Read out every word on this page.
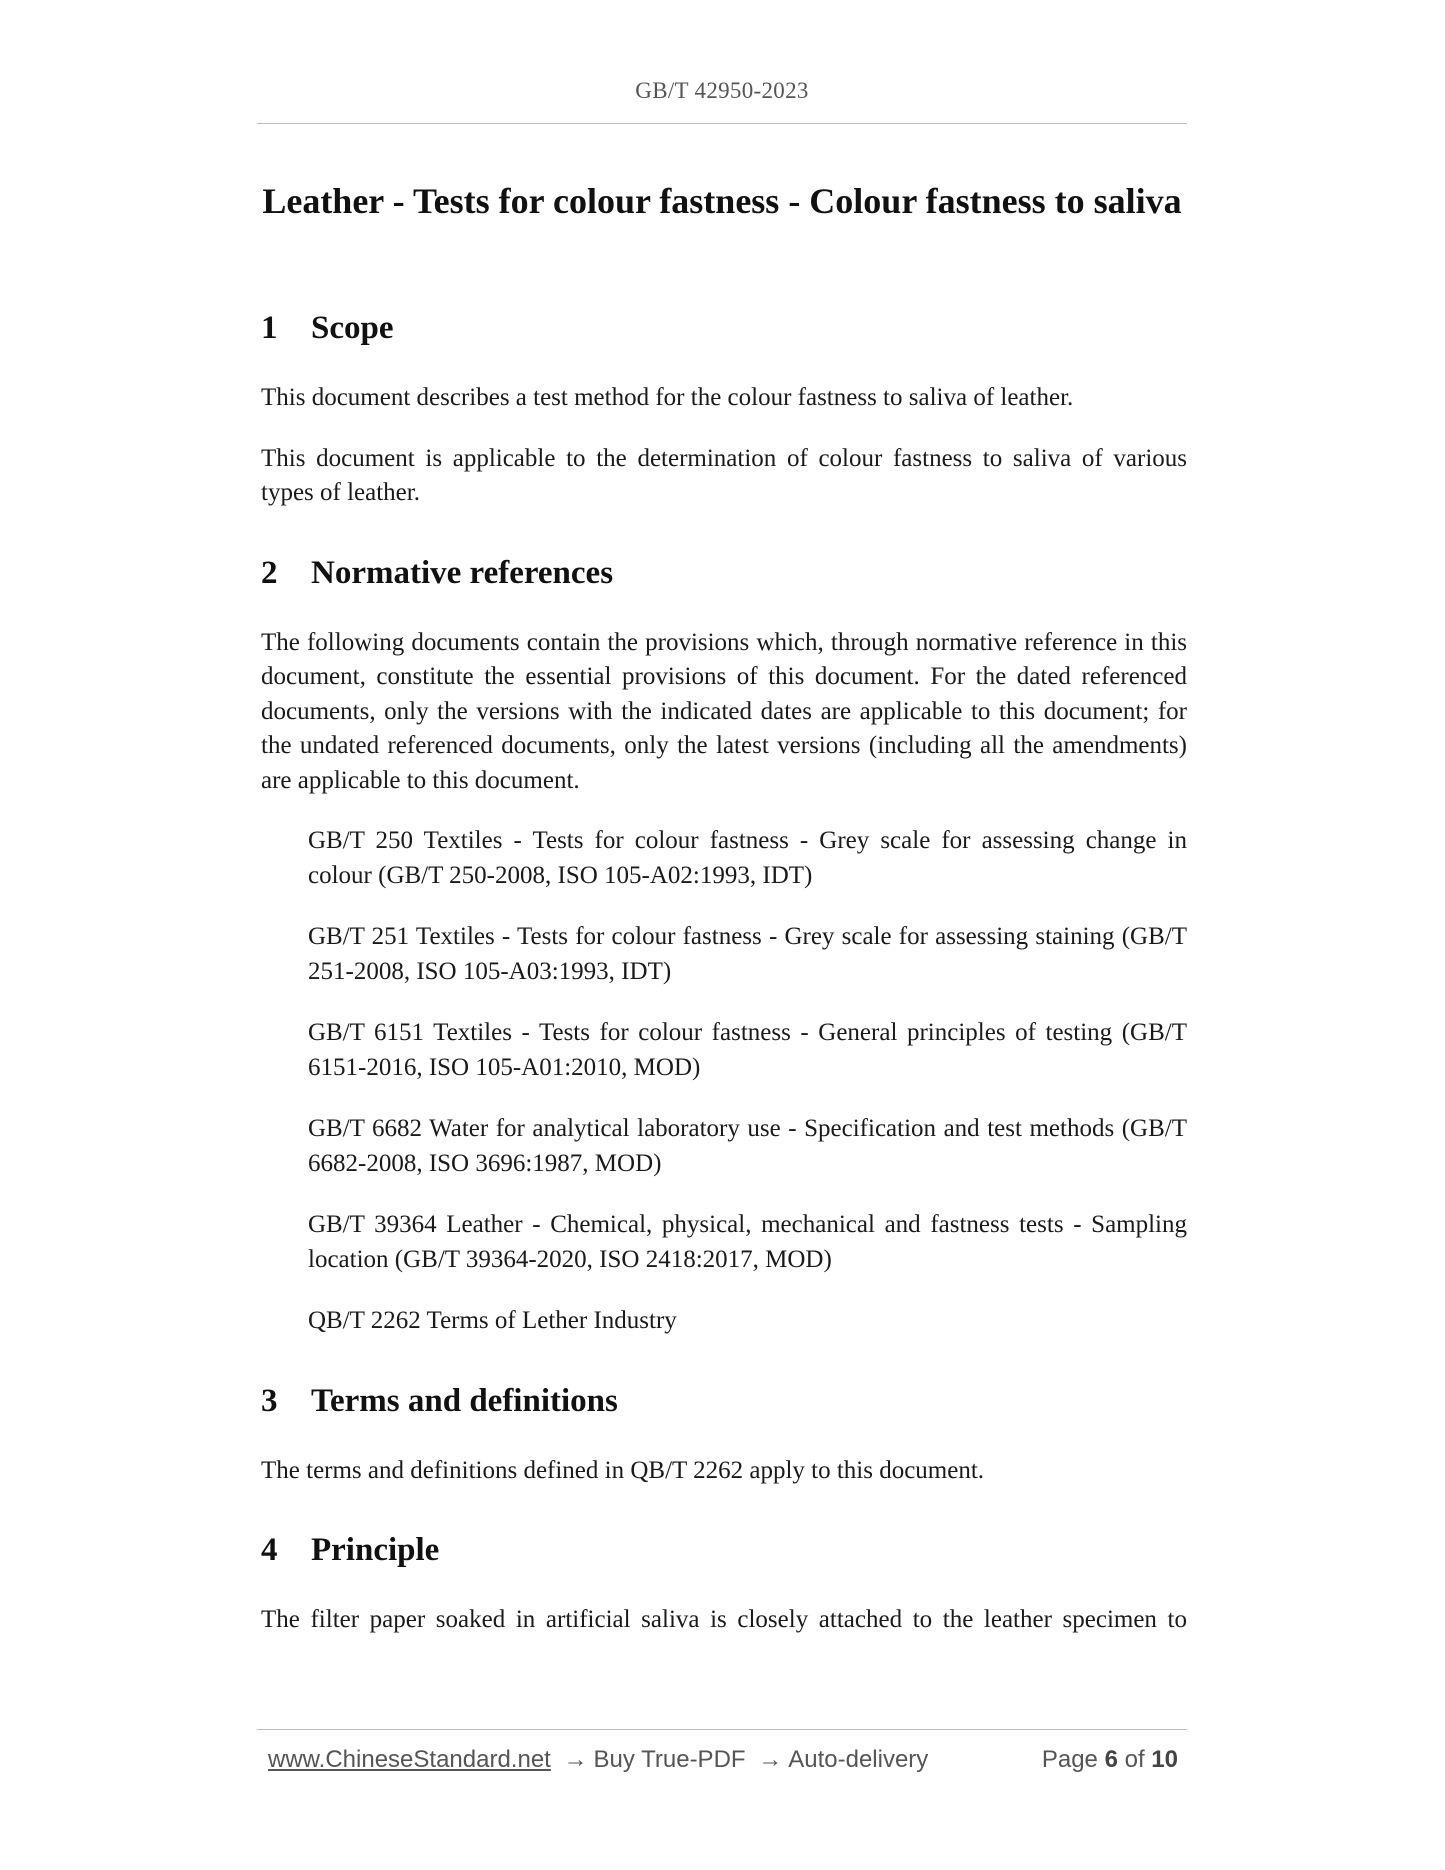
GB/T 42950-2023
Leather - Tests for colour fastness - Colour fastness to saliva
1	Scope

This document describes a test method for the colour fastness to saliva of leather.

This document is applicable to the determination of colour fastness to saliva of various types of leather.

2	Normative references

The following documents contain the provisions which, through normative reference in this document, constitute the essential provisions of this document. For the dated referenced documents, only the versions with the indicated dates are applicable to this document; for the undated referenced documents, only the latest versions (including all the amendments) are applicable to this document.

GB/T 250 Textiles - Tests for colour fastness - Grey scale for assessing change in colour (GB/T 250-2008, ISO 105-A02:1993, IDT)
GB/T 251 Textiles - Tests for colour fastness - Grey scale for assessing staining (GB/T 251-2008, ISO 105-A03:1993, IDT)
GB/T 6151 Textiles - Tests for colour fastness - General principles of testing (GB/T 6151-2016, ISO 105-A01:2010, MOD)
GB/T 6682 Water for analytical laboratory use - Specification and test methods (GB/T 6682-2008, ISO 3696:1987, MOD)
GB/T 39364 Leather - Chemical, physical, mechanical and fastness tests - Sampling location (GB/T 39364-2020, ISO 2418:2017, MOD)
QB/T 2262 Terms of Lether Industry
3	Terms and definitions

The terms and definitions defined in QB/T 2262 apply to this document.

4	Principle

The filter paper soaked in artificial saliva is closely attached to the leather specimen to

www.ChineseStandard.net → Buy True-PDF → Auto-delivery	Page 6 of 10
